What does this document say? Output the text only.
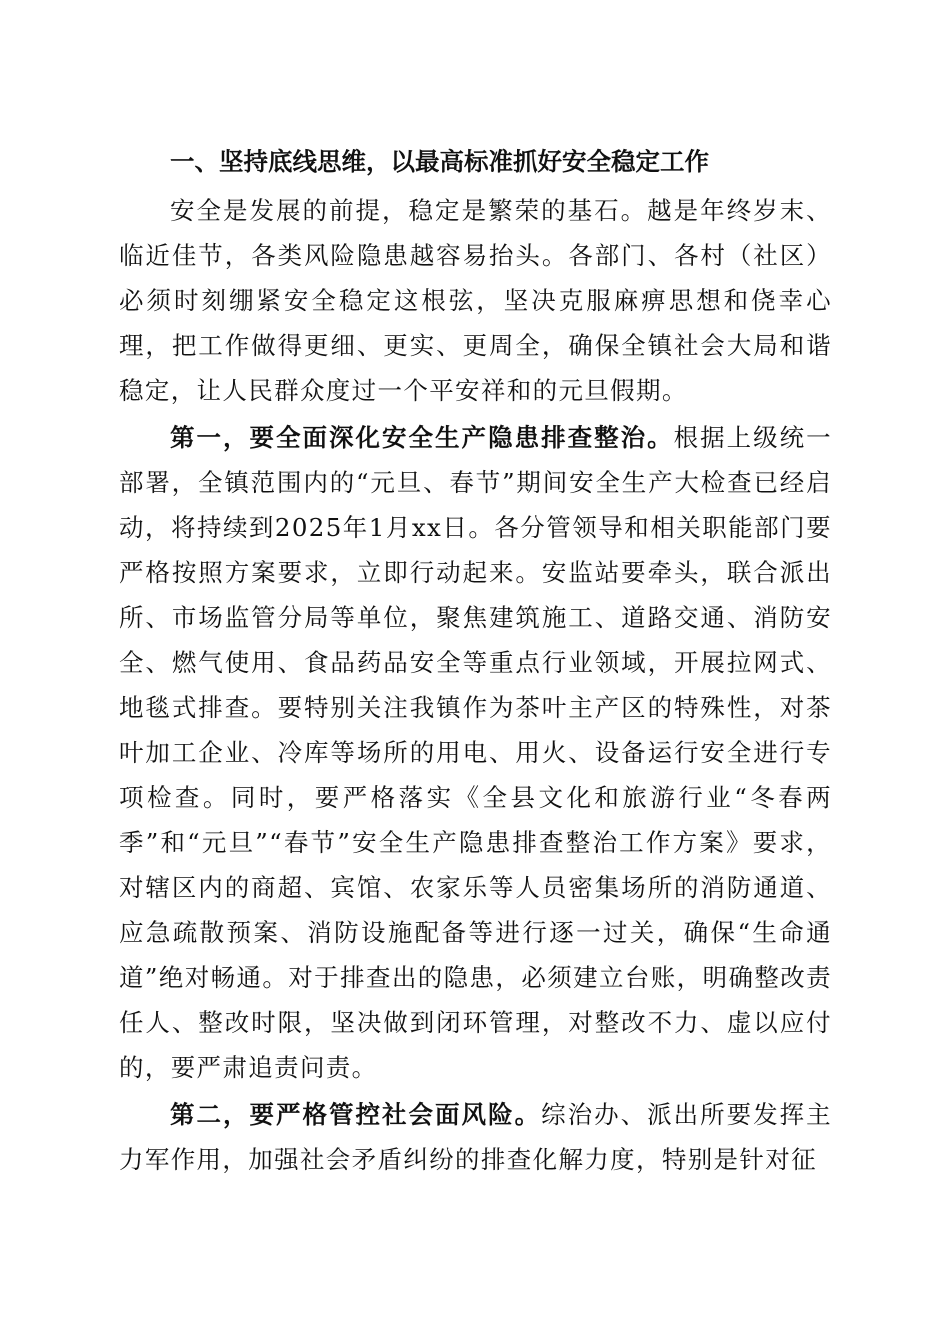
一、坚持底线思维，以最高标准抓好安全稳定工作

安全是发展的前提，稳定是繁荣的基石。越是年终岁末、临近佳节，各类风险隐患越容易抬头。各部门、各村（社区）必须时刻绷紧安全稳定这根弦，坚决克服麻痹思想和侥幸心理，把工作做得更细、更实、更周全，确保全镇社会大局和谐稳定，让人民群众度过一个平安祥和的元旦假期。

第一，要全面深化安全生产隐患排查整治。根据上级统一部署，全镇范围内的“元旦、春节”期间安全生产大检查已经启动，将持续到2025年1月xx日。各分管领导和相关职能部门要严格按照方案要求，立即行动起来。安监站要牵头，联合派出所、市场监管分局等单位，聚焦建筑施工、道路交通、消防安全、燃气使用、食品药品安全等重点行业领域，开展拉网式、地毯式排查。要特别关注我镇作为茶叶主产区的特殊性，对茶叶加工企业、冷库等场所的用电、用火、设备运行安全进行专项检查。同时，要严格落实《全县文化和旅游行业“冬春两季”和“元旦”“春节”安全生产隐患排查整治工作方案》要求，对辖区内的商超、宾馆、农家乐等人员密集场所的消防通道、应急疏散预案、消防设施配备等进行逐一过关，确保“生命通道”绝对畅通。对于排查出的隐患，必须建立台账，明确整改责任人、整改时限，坚决做到闭环管理，对整改不力、虚以应付的，要严肃追责问责。

第二，要严格管控社会面风险。综治办、派出所要发挥主力军作用，加强社会矛盾纠纷的排查化解力度，特别是针对征
